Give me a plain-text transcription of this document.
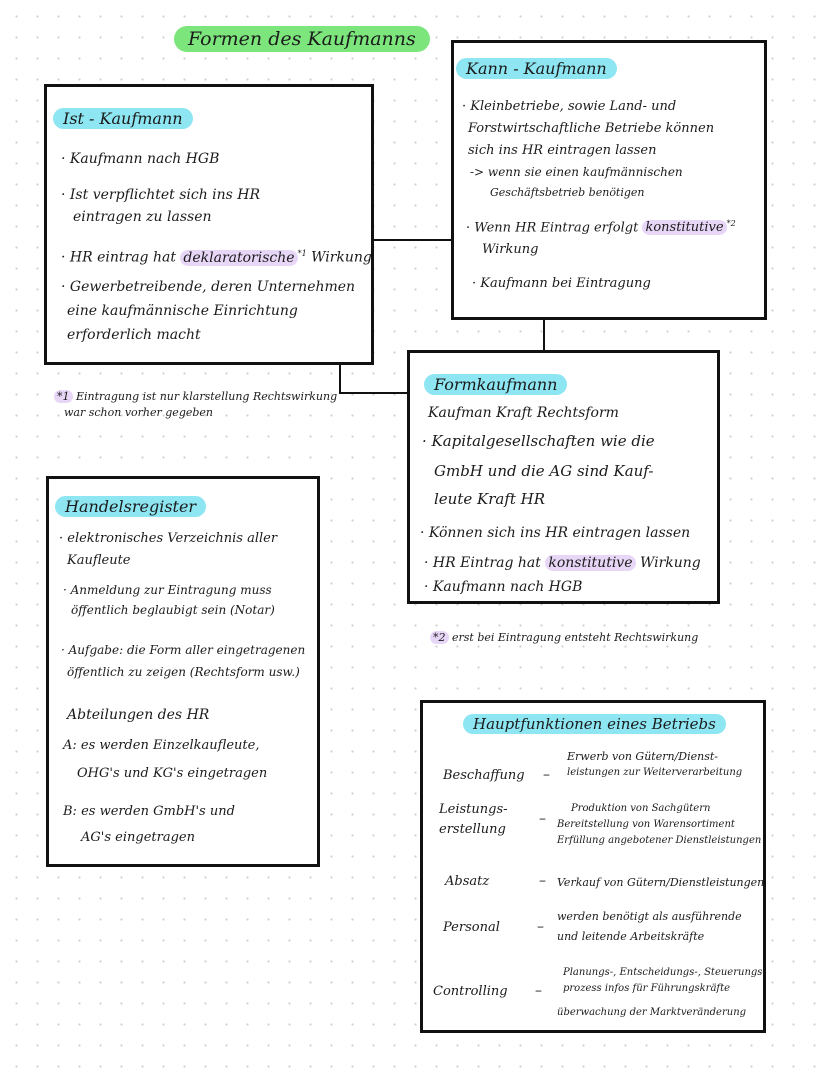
Formen des Kaufmanns
Ist - Kaufmann
· Kaufmann nach HGB
· Ist verpflichtet sich ins HR
eintragen zu lassen
· HR eintrag hat deklaratorische $^{*1}$ Wirkung
· Gewerbetreibende, deren Unternehmen
eine kaufmännische Einrichtung
erforderlich macht
*1 Eintragung ist nur klarstellung Rechtswirkung
war schon vorher gegeben
Kann - Kaufmann
· Kleinbetriebe, sowie Land- und
Forstwirtschaftliche Betriebe können
sich ins HR eintragen lassen
-> wenn sie einen kaufmännischen
Geschäftsbetrieb benötigen
· Wenn HR Eintrag erfolgt konstitutive $^{*2}$
Wirkung
· Kaufmann bei Eintragung
Formkaufmann
Kaufman Kraft Rechtsform
· Kapitalgesellschaften wie die
GmbH und die AG sind Kauf-
leute Kraft HR
· Können sich ins HR eintragen lassen
· HR Eintrag hat konstitutive Wirkung
· Kaufmann nach HGB
*2 erst bei Eintragung entsteht Rechtswirkung
Handelsregister
· elektronisches Verzeichnis aller
Kaufleute
· Anmeldung zur Eintragung muss
öffentlich beglaubigt sein (Notar)
· Aufgabe: die Form aller eingetragenen
öffentlich zu zeigen (Rechtsform usw.)
Abteilungen des HR
A: es werden Einzelkaufleute,
OHG's und KG's eingetragen
B: es werden GmbH's und
AG's eingetragen
Hauptfunktionen eines Betriebs
Beschaffung –
Erwerb von Gütern/Dienst-
leistungen zur Weiterverarbeitung
Leistungs-
erstellung
–
Produktion von Sachgütern
Bereitstellung von Warensortiment
Erfüllung angebotener Dienstleistungen
Absatz	– Verkauf von Gütern/Dienstleistungen
Personal	–
werden benötigt als ausführende
und leitende Arbeitskräfte
Controlling –
Planungs-, Entscheidungs-, Steuerungs-
prozess infos für Führungskräfte
überwachung der Marktveränderung
